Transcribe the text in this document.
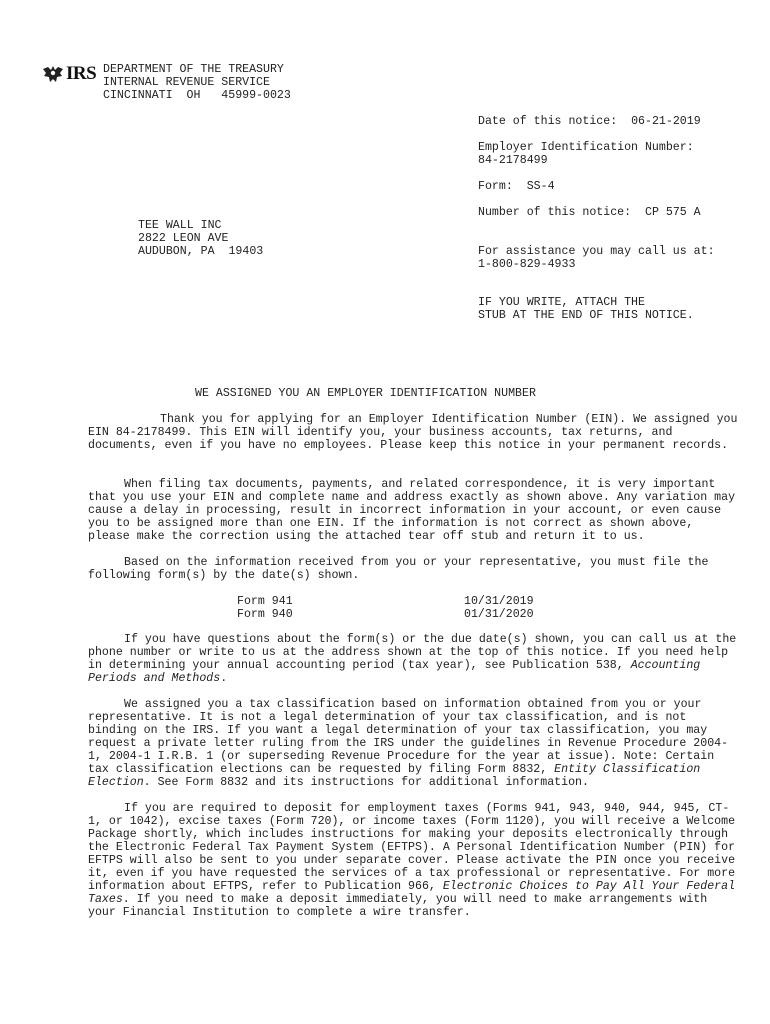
IRS DEPARTMENT OF THE TREASURY
INTERNAL REVENUE SERVICE
CINCINNATI  OH   45999-0023
Date of this notice: 06-21-2019
Employer Identification Number:
84-2178499
Form: SS-4
Number of this notice: CP 575 A
For assistance you may call us at:
1-800-829-4933
IF YOU WRITE, ATTACH THE
STUB AT THE END OF THIS NOTICE.
TEE WALL INC
2822 LEON AVE
AUDUBON, PA  19403
WE ASSIGNED YOU AN EMPLOYER IDENTIFICATION NUMBER
Thank you for applying for an Employer Identification Number (EIN). We assigned you EIN 84-2178499. This EIN will identify you, your business accounts, tax returns, and documents, even if you have no employees. Please keep this notice in your permanent records.
When filing tax documents, payments, and related correspondence, it is very important that you use your EIN and complete name and address exactly as shown above. Any variation may cause a delay in processing, result in incorrect information in your account, or even cause you to be assigned more than one EIN. If the information is not correct as shown above, please make the correction using the attached tear off stub and return it to us.
Based on the information received from you or your representative, you must file the following form(s) by the date(s) shown.
Form 941	10/31/2019
Form 940	01/31/2020
If you have questions about the form(s) or the due date(s) shown, you can call us at the phone number or write to us at the address shown at the top of this notice. If you need help in determining your annual accounting period (tax year), see Publication 538, Accounting Periods and Methods.
We assigned you a tax classification based on information obtained from you or your representative. It is not a legal determination of your tax classification, and is not binding on the IRS. If you want a legal determination of your tax classification, you may request a private letter ruling from the IRS under the guidelines in Revenue Procedure 2004-1, 2004-1 I.R.B. 1 (or superseding Revenue Procedure for the year at issue). Note: Certain tax classification elections can be requested by filing Form 8832, Entity Classification Election. See Form 8832 and its instructions for additional information.
If you are required to deposit for employment taxes (Forms 941, 943, 940, 944, 945, CT-1, or 1042), excise taxes (Form 720), or income taxes (Form 1120), you will receive a Welcome Package shortly, which includes instructions for making your deposits electronically through the Electronic Federal Tax Payment System (EFTPS). A Personal Identification Number (PIN) for EFTPS will also be sent to you under separate cover. Please activate the PIN once you receive it, even if you have requested the services of a tax professional or representative. For more information about EFTPS, refer to Publication 966, Electronic Choices to Pay All Your Federal Taxes. If you need to make a deposit immediately, you will need to make arrangements with your Financial Institution to complete a wire transfer.
